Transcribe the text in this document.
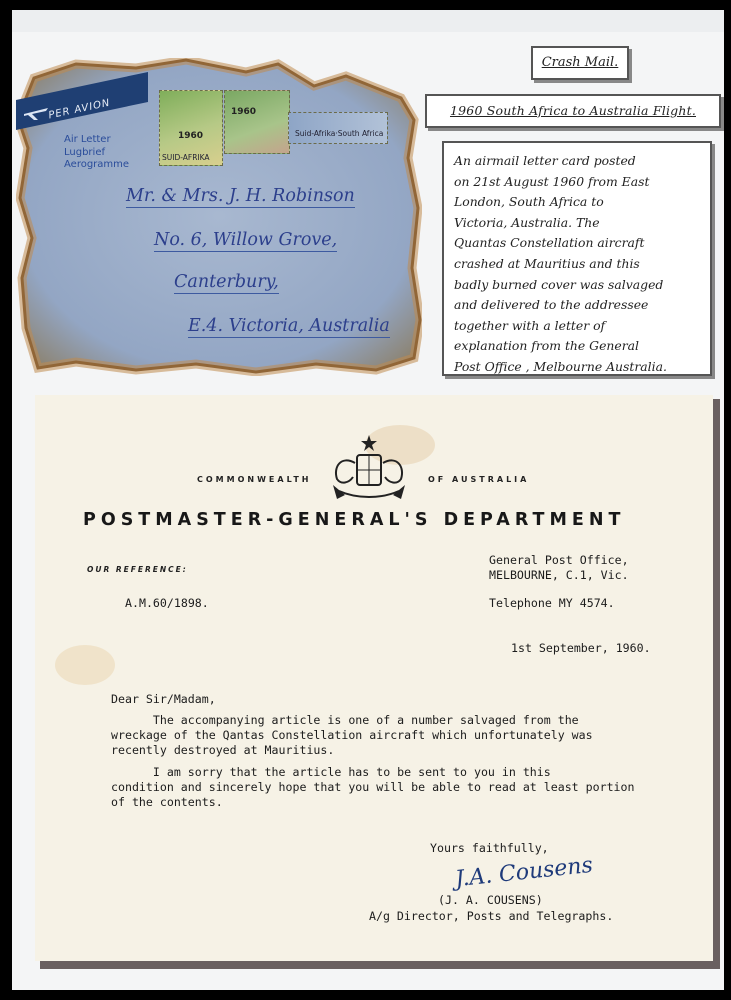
PER AVION
Air Letter
Lugbrief
Aerogramme
1960
SUID-AFRIKA
1960
Suid-Afrika·South Africa
Mr. & Mrs. J. H. Robinson
No. 6, Willow Grove,
Canterbury,
E.4. Victoria, Australia
Crash Mail.
1960 South Africa to Australia Flight.
An airmail letter card posted
on 21st August 1960 from East
London, South Africa to
Victoria, Australia. The
Quantas Constellation aircraft
crashed at Mauritius and this
badly burned cover was salvaged
and delivered to the addressee
together with a letter of
explanation from the General
Post Office , Melbourne Australia.
COMMONWEALTH	OF AUSTRALIA
POSTMASTER-GENERAL'S DEPARTMENT
General Post Office,
MELBOURNE, C.1, Vic.
OUR REFERENCE:
A.M.60/1898.	Telephone MY 4574.
1st September, 1960.
Dear Sir/Madam,
The accompanying article is one of a number salvaged from the
wreckage of the Qantas Constellation aircraft which unfortunately was
recently destroyed at Mauritius.
I am sorry that the article has to be sent to you in this
condition and sincerely hope that you will be able to read at least portion
of the contents.
Yours faithfully,
J.A. Cousens
(J. A. COUSENS)
A/g Director, Posts and Telegraphs.
